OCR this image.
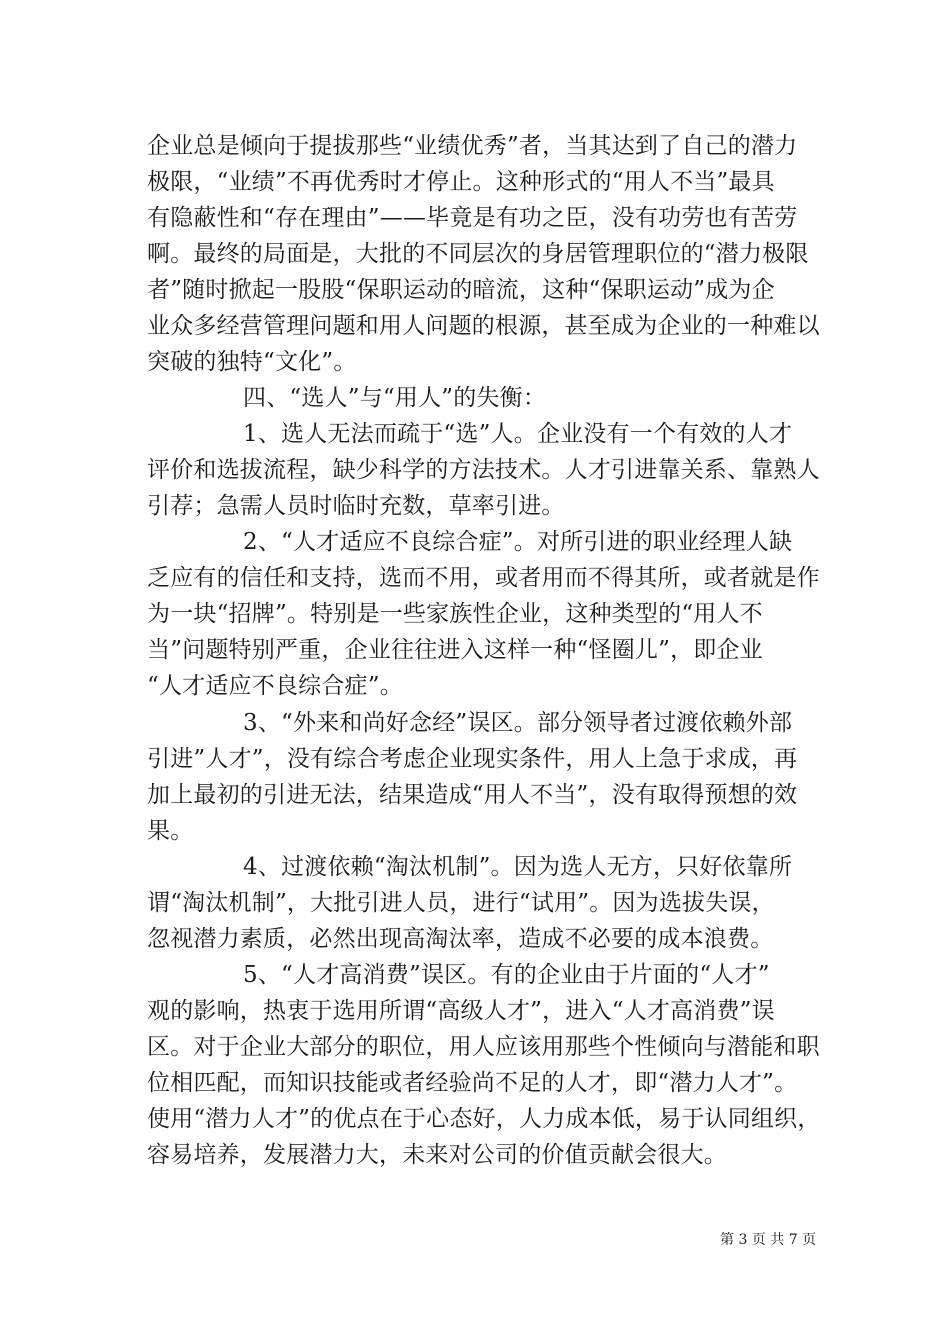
企业总是倾向于提拔那些“业绩优秀”者，当其达到了自己的潜力
极限，“业绩”不再优秀时才停止。这种形式的“用人不当”最具
有隐蔽性和“存在理由”——毕竟是有功之臣，没有功劳也有苦劳
啊。最终的局面是，大批的不同层次的身居管理职位的“潜力极限
者”随时掀起一股股“保职运动的暗流，这种“保职运动”成为企
业众多经营管理问题和用人问题的根源，甚至成为企业的一种难以
突破的独特“文化”。
四、“选人”与“用人”的失衡：
1、选人无法而疏于“选”人。企业没有一个有效的人才
评价和选拔流程，缺少科学的方法技术。人才引进靠关系、靠熟人
引荐；急需人员时临时充数，草率引进。
2、“人才适应不良综合症”。对所引进的职业经理人缺
乏应有的信任和支持，选而不用，或者用而不得其所，或者就是作
为一块“招牌”。特别是一些家族性企业，这种类型的“用人不
当”问题特别严重，企业往往进入这样一种“怪圈儿”，即企业
“人才适应不良综合症”。
3、“外来和尚好念经”误区。部分领导者过渡依赖外部
引进”人才”，没有综合考虑企业现实条件，用人上急于求成，再
加上最初的引进无法，结果造成“用人不当”，没有取得预想的效
果。
4、过渡依赖“淘汰机制”。因为选人无方，只好依靠所
谓“淘汰机制”，大批引进人员，进行“试用”。因为选拔失误，
忽视潜力素质，必然出现高淘汰率，造成不必要的成本浪费。
5、“人才高消费”误区。有的企业由于片面的“人才”
观的影响，热衷于选用所谓“高级人才”，进入“人才高消费”误
区。对于企业大部分的职位，用人应该用那些个性倾向与潜能和职
位相匹配，而知识技能或者经验尚不足的人才，即“潜力人才”。
使用“潜力人才”的优点在于心态好，人力成本低，易于认同组织，
容易培养，发展潜力大，未来对公司的价值贡献会很大。
第 3 页 共 7 页
